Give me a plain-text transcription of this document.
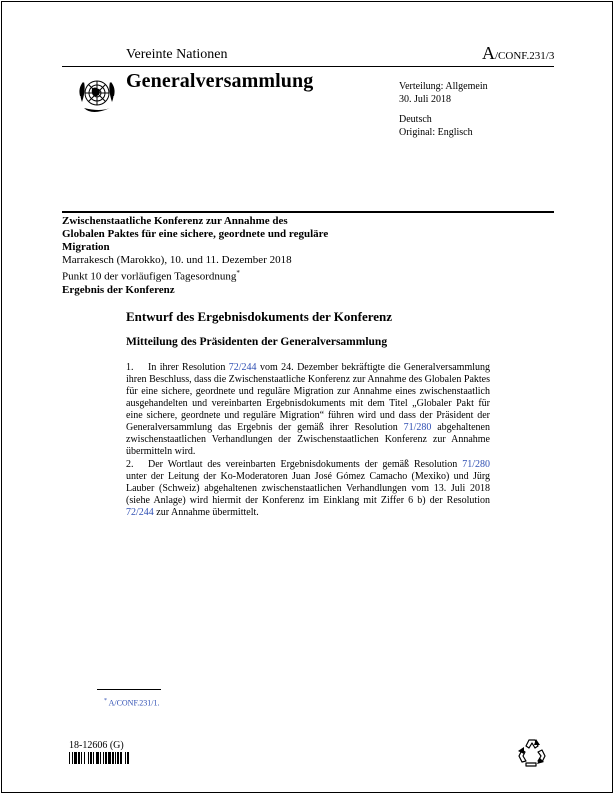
Vereinte Nationen	A/CONF.231/3
Generalversammlung	Verteilung: Allgemein
30. Juli 2018
Deutsch
Original: Englisch
Zwischenstaatliche Konferenz zur Annahme des Globalen Paktes für eine sichere, geordnete und reguläre Migration
Marrakesch (Marokko), 10. und 11. Dezember 2018
Punkt 10 der vorläufigen Tagesordnung*
Ergebnis der Konferenz
Entwurf des Ergebnisdokuments der Konferenz
Mitteilung des Präsidenten der Generalversammlung
1. In ihrer Resolution 72/244 vom 24. Dezember bekräftigte die Generalversammlung ihren Beschluss, dass die Zwischenstaatliche Konferenz zur Annahme des Globalen Paktes für eine sichere, geordnete und reguläre Migration zur Annahme eines zwischenstaatlich ausgehandelten und vereinbarten Ergebnisdokuments mit dem Titel „Globaler Pakt für eine sichere, geordnete und reguläre Migration“ führen wird und dass der Präsident der Generalversammlung das Ergebnis der gemäß ihrer Resolution 71/280 abgehaltenen zwischenstaatlichen Verhandlungen der Zwischenstaatlichen Konferenz zur Annahme übermitteln wird.
2. Der Wortlaut des vereinbarten Ergebnisdokuments der gemäß Resolution 71/280 unter der Leitung der Ko-Moderatoren Juan José Gómez Camacho (Mexiko) und Jürg Lauber (Schweiz) abgehaltenen zwischenstaatlichen Verhandlungen vom 13. Juli 2018 (siehe Anlage) wird hiermit der Konferenz im Einklang mit Ziffer 6 b) der Resolution 72/244 zur Annahme übermittelt.
* A/CONF.231/1.
18-12606 (G)
